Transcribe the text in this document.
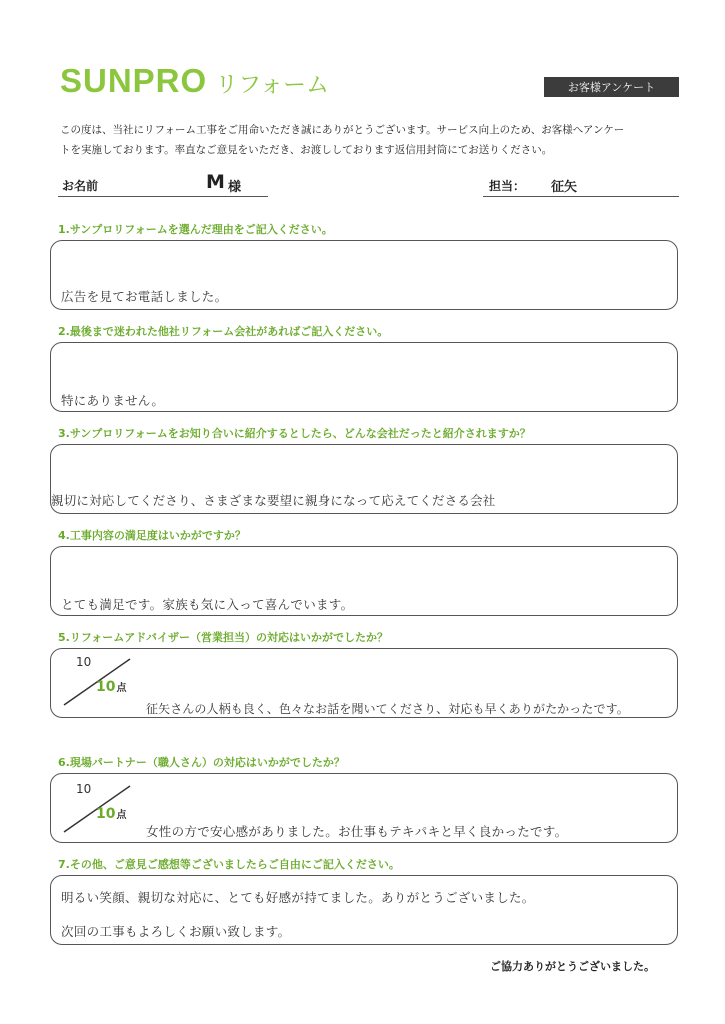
SUNPRO リフォーム	お客様アンケート

この度は、当社にリフォーム工事をご用命いただき誠にありがとうございます。サービス向上のため、お客様へアンケー

トを実施しております。率直なご意見をいただき、お渡ししております返信用封筒にてお送りください。

お名前	M 様	担当： 征矢
1.サンプロリフォームを選んだ理由をご記入ください。
広告を見てお電話しました。
2.最後まで迷われた他社リフォーム会社があればご記入ください。
特にありません。
3.サンプロリフォームをお知り合いに紹介するとしたら、どんな会社だったと紹介されますか？
親切に対応してくださり、さまざまな要望に親身になって応えてくださる会社
4.工事内容の満足度はいかがですか？
とても満足です。家族も気に入って喜んでいます。
5.リフォームアドバイザー（営業担当）の対応はいかがでしたか？
10
10点
征矢さんの人柄も良く、色々なお話を聞いてくださり、対応も早くありがたかったです。
6.現場パートナー（職人さん）の対応はいかがでしたか？
10
10点
女性の方で安心感がありました。お仕事もテキパキと早く良かったです。
7.その他、ご意見ご感想等ございましたらご自由にご記入ください。
明るい笑顔、親切な対応に、とても好感が持てました。ありがとうございました。
次回の工事もよろしくお願い致します。
ご協力ありがとうございました。
